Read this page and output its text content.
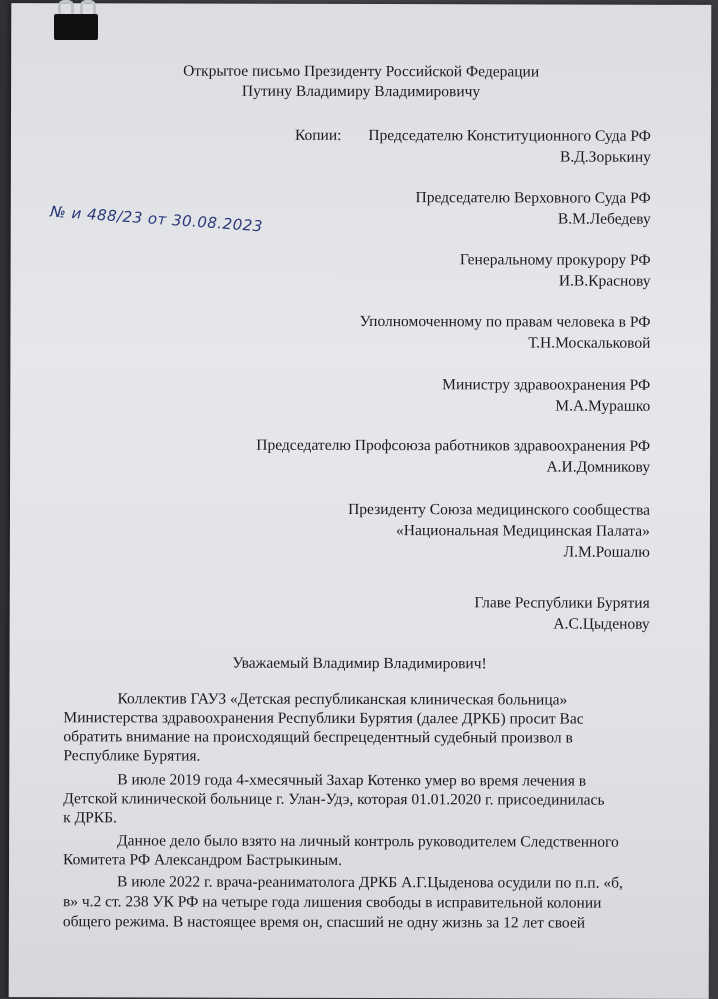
Открытое письмо Президенту Российской Федерации
Путину Владимиру Владимировичу
Копии: Председателю Конституционного Суда РФ
В.Д.Зорькину
Председателю Верховного Суда РФ
В.М.Лебедеву
Генеральному прокурору РФ
И.В.Краснову
Уполномоченному по правам человека в РФ
Т.Н.Москальковой
Министру здравоохранения РФ
М.А.Мурашко
Председателю Профсоюза работников здравоохранения РФ
А.И.Домникову
Президенту Союза медицинского сообщества
«Национальная Медицинская Палата»
Л.М.Рошалю
Главе Республики Бурятия
А.С.Цыденову
Уважаемый Владимир Владимирович!
Коллектив ГАУЗ «Детская республиканская клиническая больница»
Министерства здравоохранения Республики Бурятия (далее ДРКБ) просит Вас
обратить внимание на происходящий беспрецедентный судебный произвол в
Республике Бурятия.
В июле 2019 года 4-хмесячный Захар Котенко умер во время лечения в
Детской клинической больнице г. Улан-Удэ, которая 01.01.2020 г. присоединилась
к ДРКБ.
Данное дело было взято на личный контроль руководителем Следственного
Комитета РФ Александром Бастрыкиным.
В июле 2022 г. врача-реаниматолога ДРКБ А.Г.Цыденова осудили по п.п. «б,
в» ч.2 ст. 238 УК РФ на четыре года лишения свободы в исправительной колонии
общего режима. В настоящее время он, спасший не одну жизнь за 12 лет своей
№ и 488/23 от 30.08.2023
